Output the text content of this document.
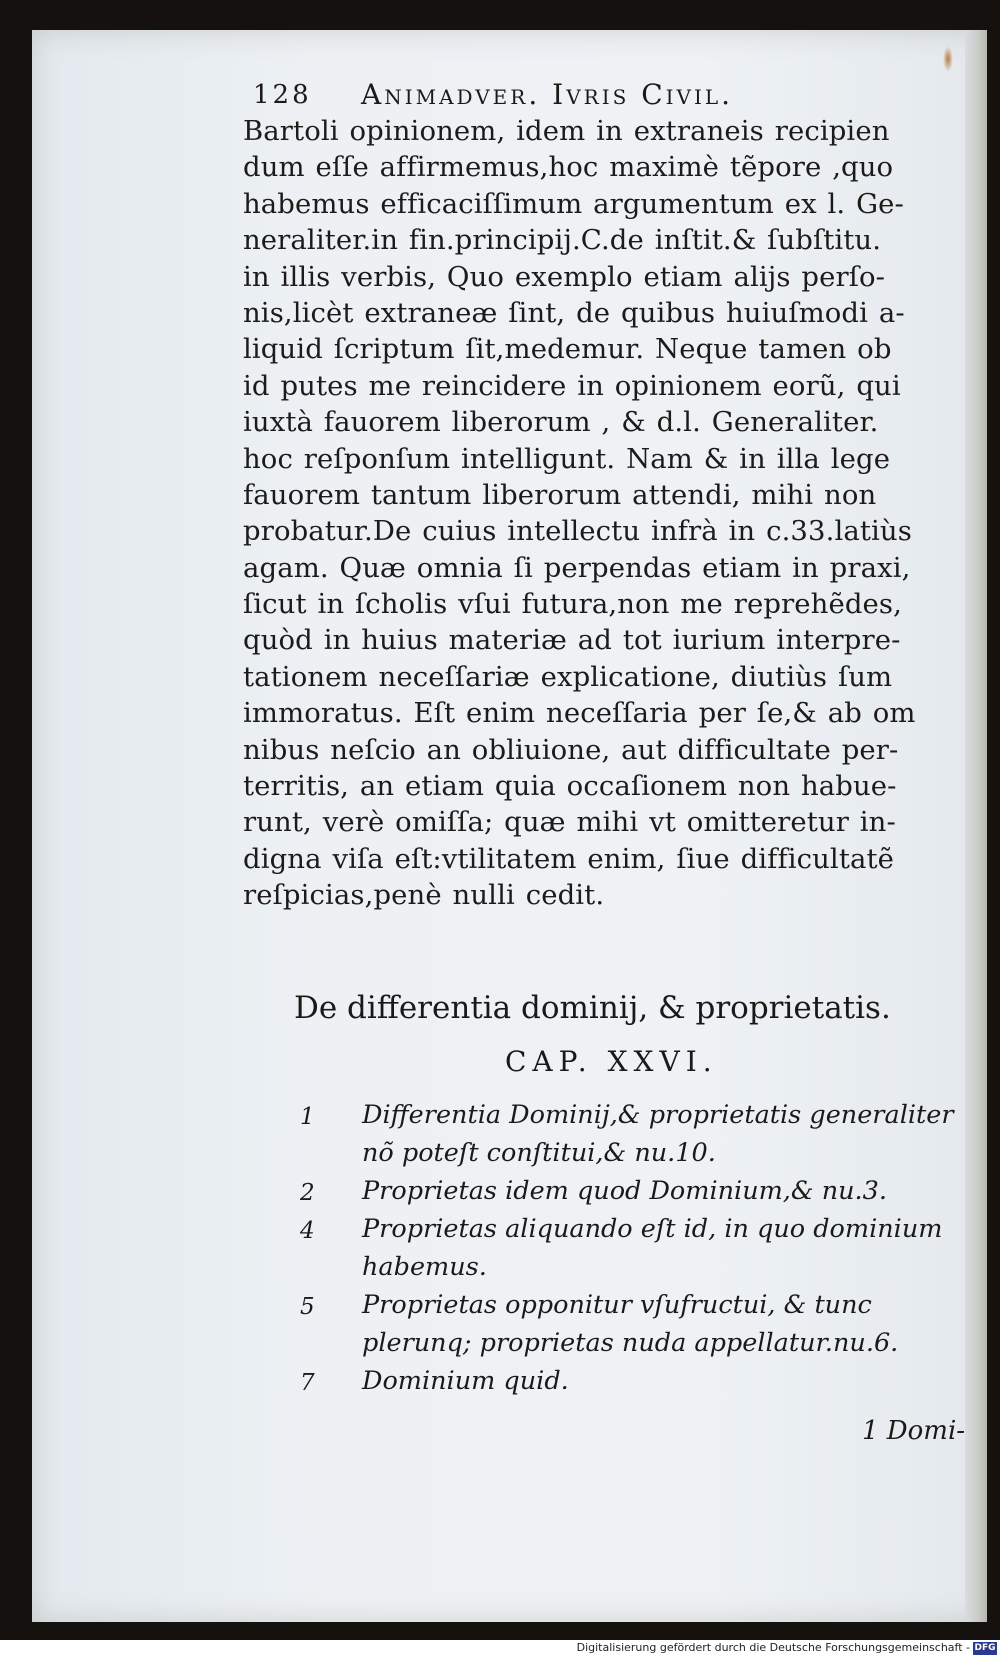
128 Animadver. Ivris Civil.
Bartoli opinionem, idem in extraneis recipien
dum eſſe affirmemus,hoc maximè tẽpore ,quo
habemus efficaciſſimum argumentum ex l. Ge-
neraliter.in fin.principij.C.de inſtit.& ſubſtitu.
in illis verbis, Quo exemplo etiam alijs perſo-
nis,licèt extraneæ ſint, de quibus huiuſmodi a-
liquid ſcriptum ſit,medemur. Neque tamen ob
id putes me reincidere in opinionem eorũ, qui
iuxtà fauorem liberorum , & d.l. Generaliter.
hoc reſponſum intelligunt. Nam & in illa lege
fauorem tantum liberorum attendi, mihi non
probatur.De cuius intellectu infrà in c.33.latiùs
agam. Quæ omnia ſi perpendas etiam in praxi,
ſicut in ſcholis vſui futura,non me reprehẽdes,
quòd in huius materiæ ad tot iurium interpre-
tationem neceſſariæ explicatione, diutiùs ſum
immoratus. Eſt enim neceſſaria per ſe,& ab om
nibus neſcio an obliuione, aut difficultate per-
territis, an etiam quia occaſionem non habue-
runt, verè omiſſa; quæ mihi vt omitteretur in-
digna viſa eſt:vtilitatem enim, ſiue difficultatẽ
reſpicias,penè nulli cedit.
De differentia dominij, & proprietatis.
CAP. XXVI.
1 Differentia Dominij,& proprietatis generaliter nõ poteſt conſtitui,& nu.10.
2 Proprietas idem quod Dominium,& nu.3.
4 Proprietas aliquando eſt id, in quo dominium habemus.
5 Proprietas opponitur vſufructui, & tunc plerunq; proprietas nuda appellatur.nu.6.
7 Dominium quid.
1 Domi-
Digitalisierung gefördert durch die Deutsche Forschungsgemeinschaft - DFG
